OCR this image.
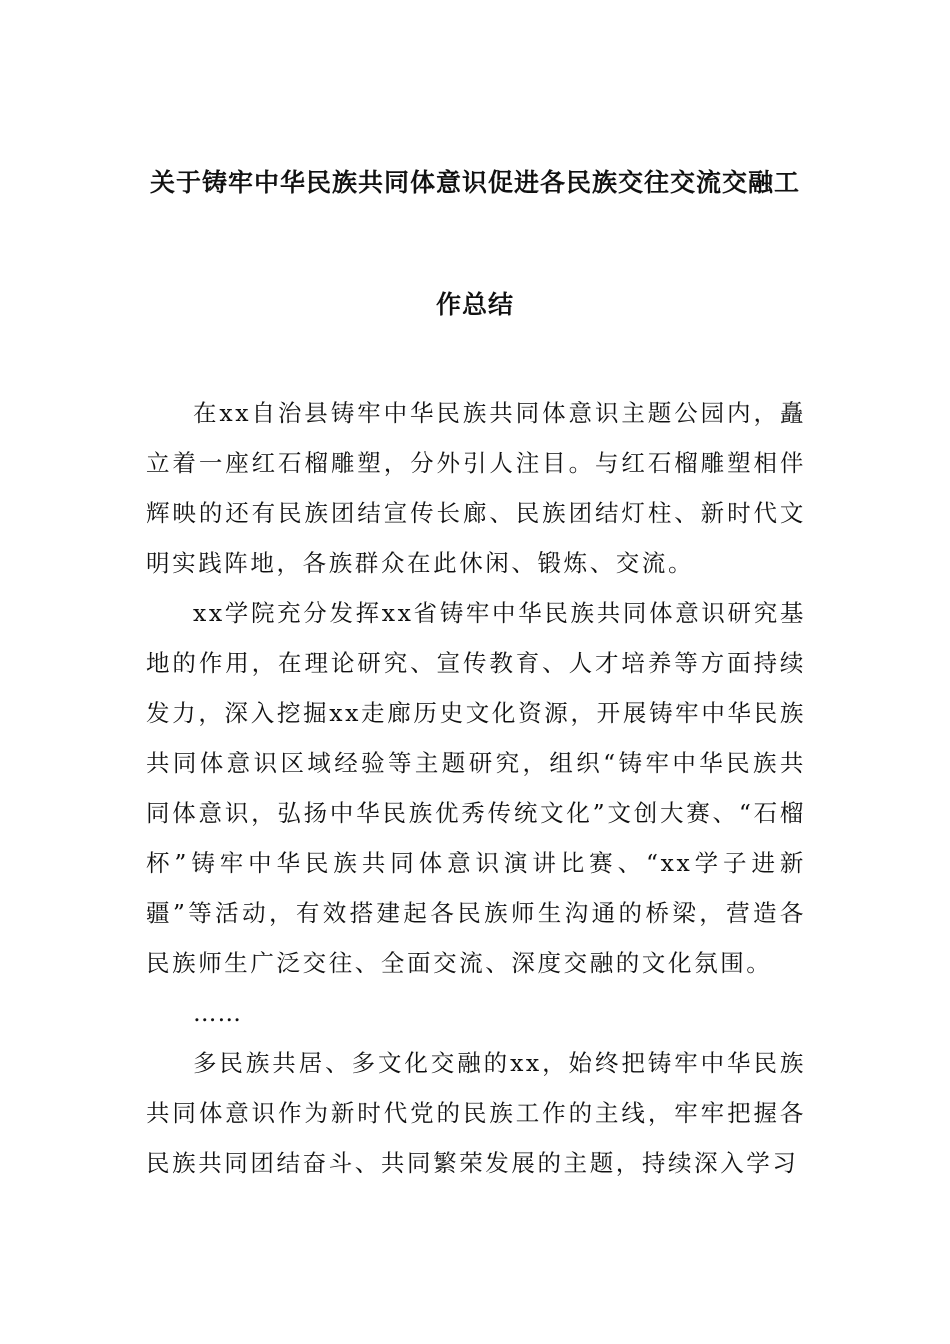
关于铸牢中华民族共同体意识促进各民族交往交流交融工
作总结

在xx自治县铸牢中华民族共同体意识主题公园内，矗立着一座红石榴雕塑，分外引人注目。与红石榴雕塑相伴辉映的还有民族团结宣传长廊、民族团结灯柱、新时代文明实践阵地，各族群众在此休闲、锻炼、交流。

xx学院充分发挥xx省铸牢中华民族共同体意识研究基地的作用，在理论研究、宣传教育、人才培养等方面持续发力，深入挖掘xx走廊历史文化资源，开展铸牢中华民族共同体意识区域经验等主题研究，组织“铸牢中华民族共同体意识，弘扬中华民族优秀传统文化”文创大赛、“石榴杯”铸牢中华民族共同体意识演讲比赛、“xx学子进新疆”等活动，有效搭建起各民族师生沟通的桥梁，营造各民族师生广泛交往、全面交流、深度交融的文化氛围。

……

多民族共居、多文化交融的xx，始终把铸牢中华民族共同体意识作为新时代党的民族工作的主线，牢牢把握各民族共同团结奋斗、共同繁荣发展的主题，持续深入学习
